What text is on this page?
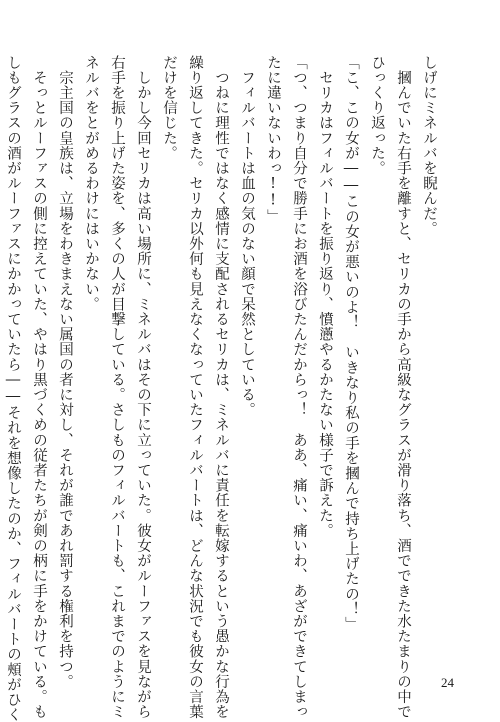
しげにミネルバを睨んだ。
　摑んでいた右手を離すと、セリカの手から高級なグラスが滑り落ち、酒でできた水たまりの中で
ひっくり返った。
「こ、この女が――この女が悪いのよ！　いきなり私の手を摑んで持ち上げたの！」
　セリカはフィルバートを振り返り、憤懣やるかたない様子で訴えた。
「つ、つまり自分で勝手にお酒を浴びたんだからっ！　ああ、痛い、痛いわ、あざができてしまっ
たに違いないわっ!!」
　フィルバートは血の気のない顔で呆然としている。
　つねに理性ではなく感情に支配されるセリカは、ミネルバに責任を転嫁するという愚かな行為を
繰り返してきた。セリカ以外何も見えなくなっていたフィルバートは、どんな状況でも彼女の言葉
だけを信じた。
　しかし今回セリカは高い場所に、ミネルバはその下に立っていた。彼女がルーファスを見ながら
右手を振り上げた姿を、多くの人が目撃している。さしものフィルバートも、これまでのようにミ
ネルバをとがめるわけにはいかない。
　宗主国の皇族は、立場をわきまえない属国の者に対し、それが誰であれ罰する権利を持つ。
　そっとルーファスの側に控えていた、やはり黒づくめの従者たちが剣の柄に手をかけている。も
しもグラスの酒がルーファスにかかっていたら――それを想像したのか、フィルバートの頰がひく	24
